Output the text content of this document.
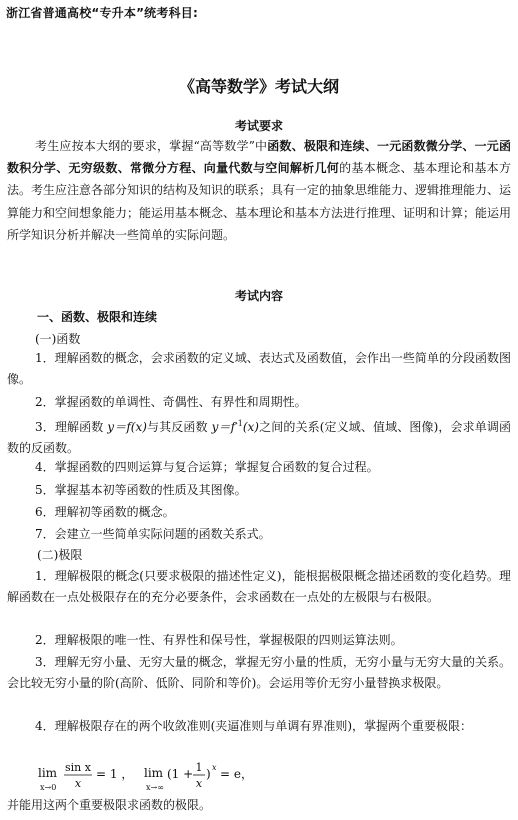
浙江省普通高校“专升本”统考科目:
《高等数学》考试大纲
考试要求
考生应按本大纲的要求，掌握“高等数学”中函数、极限和连续、一元函数微分学、一元函数积分学、无穷级数、常微分方程、向量代数与空间解析几何的基本概念、基本理论和基本方法。考生应注意各部分知识的结构及知识的联系；具有一定的抽象思维能力、逻辑推理能力、运算能力和空间想象能力；能运用基本概念、基本理论和基本方法进行推理、证明和计算；能运用所学知识分析并解决一些简单的实际问题。
考试内容
一、函数、极限和连续
(一)函数
1．理解函数的概念，会求函数的定义域、表达式及函数值，会作出一些简单的分段函数图像。
2．掌握函数的单调性、奇偶性、有界性和周期性。
3．理解函数 y＝f(x)与其反函数 $y=f^{-1}(x)$之间的关系(定义域、值域、图像)，会求单调函数的反函数。
4．掌握函数的四则运算与复合运算；掌握复合函数的复合过程。
5．掌握基本初等函数的性质及其图像。
6．理解初等函数的概念。
7．会建立一些简单实际问题的函数关系式。
(二)极限
1．理解极限的概念(只要求极限的描述性定义)，能根据极限概念描述函数的变化趋势。理解函数在一点处极限存在的充分必要条件，会求函数在一点处的左极限与右极限。
2．理解极限的唯一性、有界性和保号性，掌握极限的四则运算法则。
3．理解无穷小量、无穷大量的概念，掌握无穷小量的性质，无穷小量与无穷大量的关系。会比较无穷小量的阶(高阶、低阶、同阶和等价)。会运用等价无穷小量替换求极限。
4．理解极限存在的两个收敛准则(夹逼准则与单调有界准则)，掌握两个重要极限：
lim
x→0
sin x
x
= 1 ， lim
x→∞
(1 + 1
x
) x = e，
并能用这两个重要极限求函数的极限。
